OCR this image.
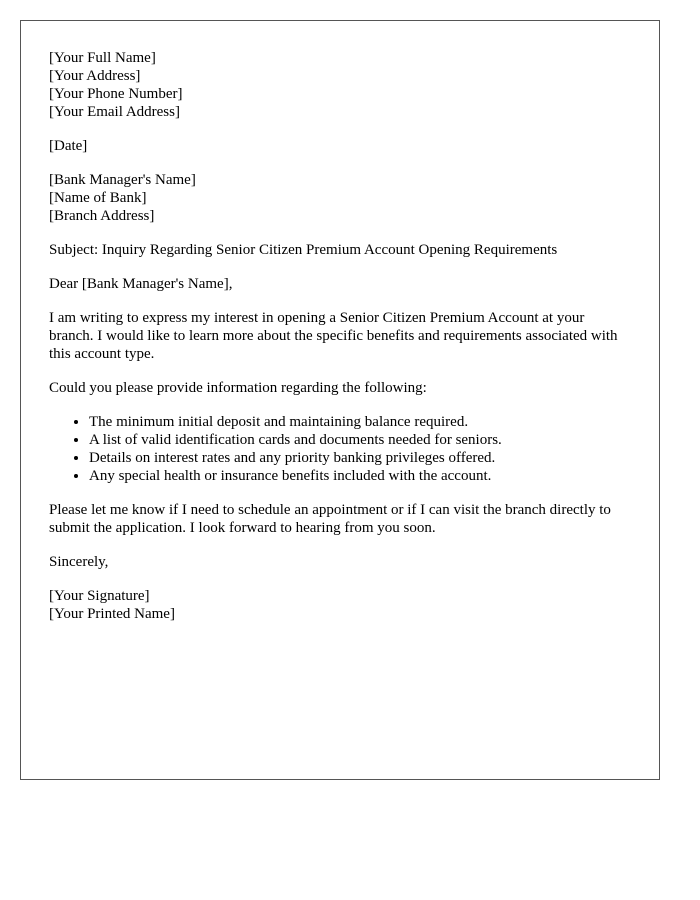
[Your Full Name]
[Your Address]
[Your Phone Number]
[Your Email Address]
[Date]
[Bank Manager's Name]
[Name of Bank]
[Branch Address]

Subject: Inquiry Regarding Senior Citizen Premium Account Opening Requirements

Dear [Bank Manager's Name],

I am writing to express my interest in opening a Senior Citizen Premium Account at your branch. I would like to learn more about the specific benefits and requirements associated with this account type.

Could you please provide information regarding the following:

• The minimum initial deposit and maintaining balance required.
• A list of valid identification cards and documents needed for seniors.
• Details on interest rates and any priority banking privileges offered.
• Any special health or insurance benefits included with the account.

Please let me know if I need to schedule an appointment or if I can visit the branch directly to submit the application. I look forward to hearing from you soon.

Sincerely,

[Your Signature]
[Your Printed Name]
